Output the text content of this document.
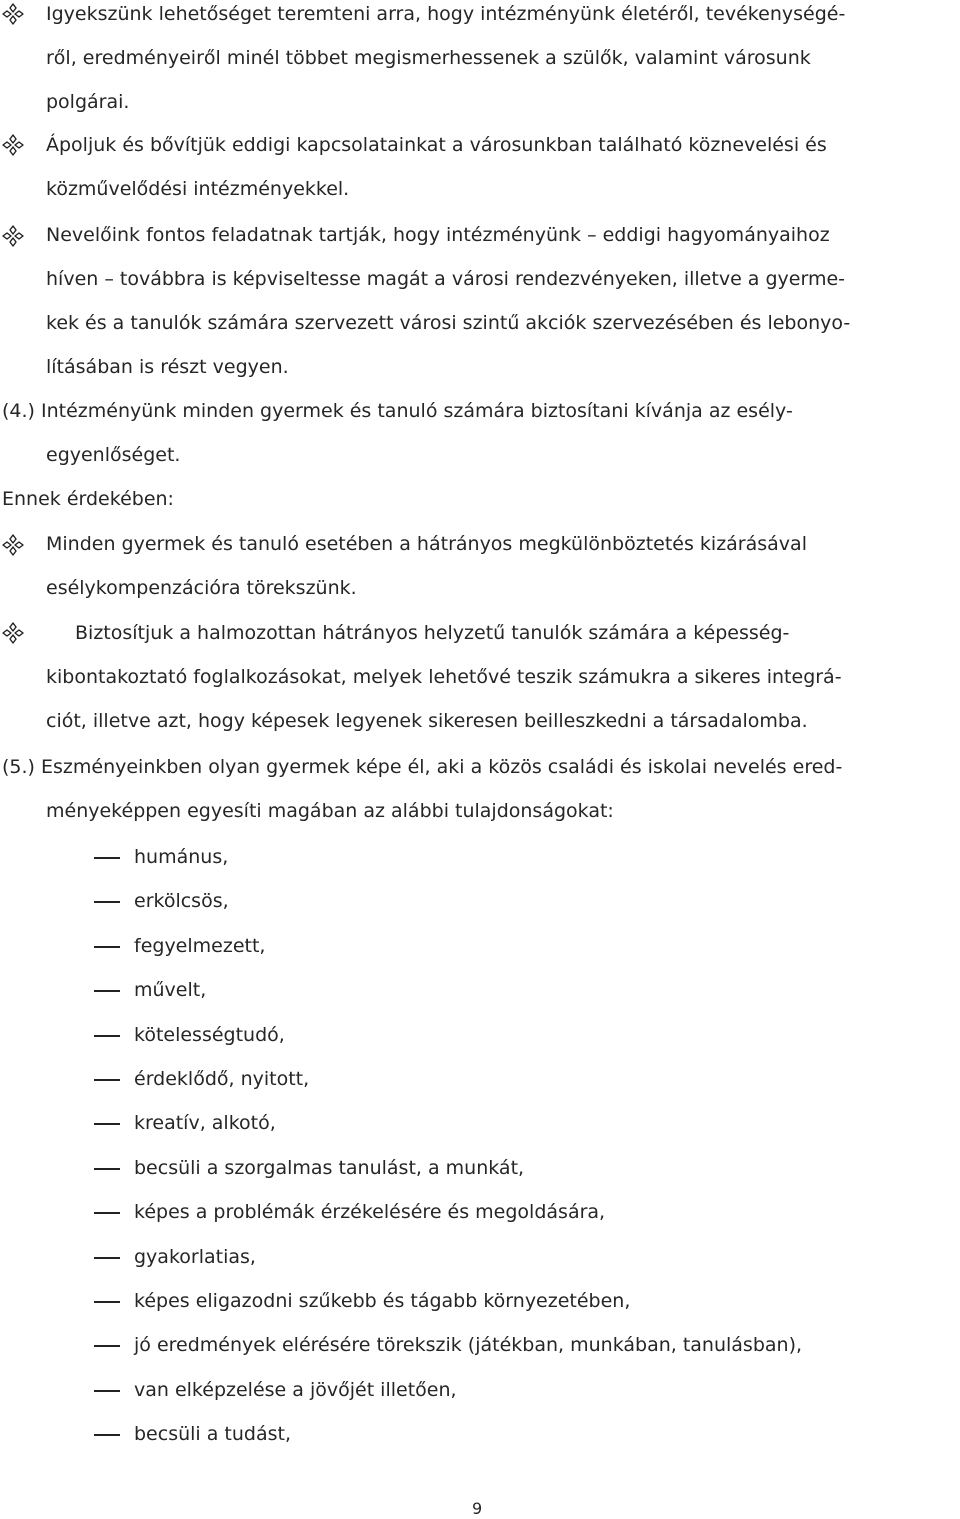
Igyekszünk lehetőséget teremteni arra, hogy intézményünk életéről, tevékenységé-
ről, eredményeiről minél többet megismerhessenek a szülők, valamint városunk
polgárai.
Ápoljuk és bővítjük eddigi kapcsolatainkat a városunkban található köznevelési és
közművelődési intézményekkel.
Nevelőink fontos feladatnak tartják, hogy intézményünk – eddigi hagyományaihoz
híven – továbbra is képviseltesse magát a városi rendezvényeken, illetve a gyerme-
kek és a tanulók számára szervezett városi szintű akciók szervezésében és lebonyo-
lításában is részt vegyen.
(4.) Intézményünk minden gyermek és tanuló számára biztosítani kívánja az esély-
egyenlőséget.
Ennek érdekében:
Minden gyermek és tanuló esetében a hátrányos megkülönböztetés kizárásával
esélykompenzációra törekszünk.
Biztosítjuk a halmozottan hátrányos helyzetű tanulók számára a képesség-
kibontakoztató foglalkozásokat, melyek lehetővé teszik számukra a sikeres integrá-
ciót, illetve azt, hogy képesek legyenek sikeresen beilleszkedni a társadalomba.
(5.) Eszményeinkben olyan gyermek képe él, aki a közös családi és iskolai nevelés ered-
ményeképpen egyesíti magában az alábbi tulajdonságokat:
humánus,
erkölcsös,
fegyelmezett,
művelt,
kötelességtudó,
érdeklődő, nyitott,
kreatív, alkotó,
becsüli a szorgalmas tanulást, a munkát,
képes a problémák érzékelésére és megoldására,
gyakorlatias,
képes eligazodni szűkebb és tágabb környezetében,
jó eredmények elérésére törekszik (játékban, munkában, tanulásban),
van elképzelése a jövőjét illetően,
becsüli a tudást,
9
